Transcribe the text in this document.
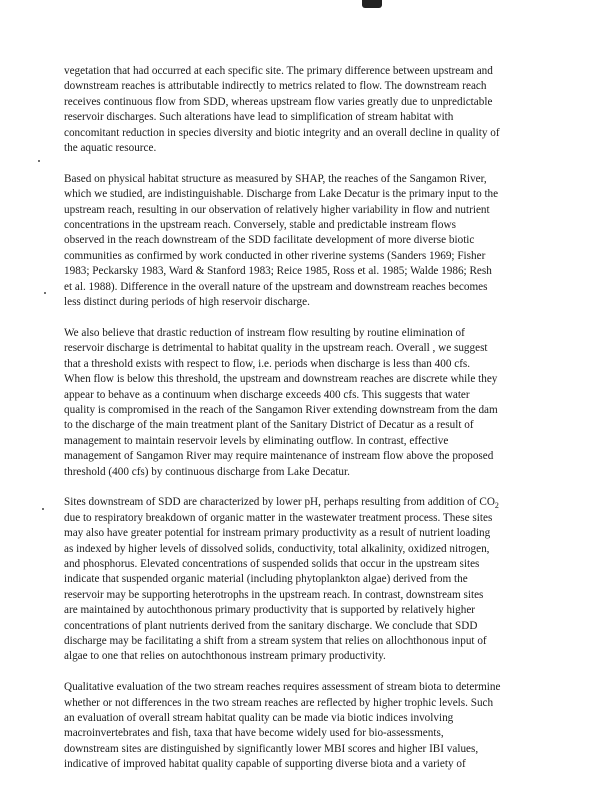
vegetation that had occurred at each specific site. The primary difference between upstream and
downstream reaches is attributable indirectly to metrics related to flow. The downstream reach
receives continuous flow from SDD, whereas upstream flow varies greatly due to unpredictable
reservoir discharges. Such alterations have lead to simplification of stream habitat with
concomitant reduction in species diversity and biotic integrity and an overall decline in quality of
the aquatic resource.

Based on physical habitat structure as measured by SHAP, the reaches of the Sangamon River,
which we studied, are indistinguishable. Discharge from Lake Decatur is the primary input to the
upstream reach, resulting in our observation of relatively higher variability in flow and nutrient
concentrations in the upstream reach. Conversely, stable and predictable instream flows
observed in the reach downstream of the SDD facilitate development of more diverse biotic
communities as confirmed by work conducted in other riverine systems (Sanders 1969; Fisher
1983; Peckarsky 1983, Ward & Stanford 1983; Reice 1985, Ross et al. 1985; Walde 1986; Resh
et al. 1988). Difference in the overall nature of the upstream and downstream reaches becomes
less distinct during periods of high reservoir discharge.

We also believe that drastic reduction of instream flow resulting by routine elimination of
reservoir discharge is detrimental to habitat quality in the upstream reach. Overall , we suggest
that a threshold exists with respect to flow, i.e. periods when discharge is less than 400 cfs.
When flow is below this threshold, the upstream and downstream reaches are discrete while they
appear to behave as a continuum when discharge exceeds 400 cfs. This suggests that water
quality is compromised in the reach of the Sangamon River extending downstream from the dam
to the discharge of the main treatment plant of the Sanitary District of Decatur as a result of
management to maintain reservoir levels by eliminating outflow. In contrast, effective
management of Sangamon River may require maintenance of instream flow above the proposed
threshold (400 cfs) by continuous discharge from Lake Decatur.

Sites downstream of SDD are characterized by lower pH, perhaps resulting from addition of $CO_2$
due to respiratory breakdown of organic matter in the wastewater treatment process. These sites
may also have greater potential for instream primary productivity as a result of nutrient loading
as indexed by higher levels of dissolved solids, conductivity, total alkalinity, oxidized nitrogen,
and phosphorus. Elevated concentrations of suspended solids that occur in the upstream sites
indicate that suspended organic material (including phytoplankton algae) derived from the
reservoir may be supporting heterotrophs in the upstream reach. In contrast, downstream sites
are maintained by autochthonous primary productivity that is supported by relatively higher
concentrations of plant nutrients derived from the sanitary discharge. We conclude that SDD
discharge may be facilitating a shift from a stream system that relies on allochthonous input of
algae to one that relies on autochthonous instream primary productivity.

Qualitative evaluation of the two stream reaches requires assessment of stream biota to determine
whether or not differences in the two stream reaches are reflected by higher trophic levels. Such
an evaluation of overall stream habitat quality can be made via biotic indices involving
macroinvertebrates and fish, taxa that have become widely used for bio-assessments,
downstream sites are distinguished by significantly lower MBI scores and higher IBI values,
indicative of improved habitat quality capable of supporting diverse biota and a variety of
